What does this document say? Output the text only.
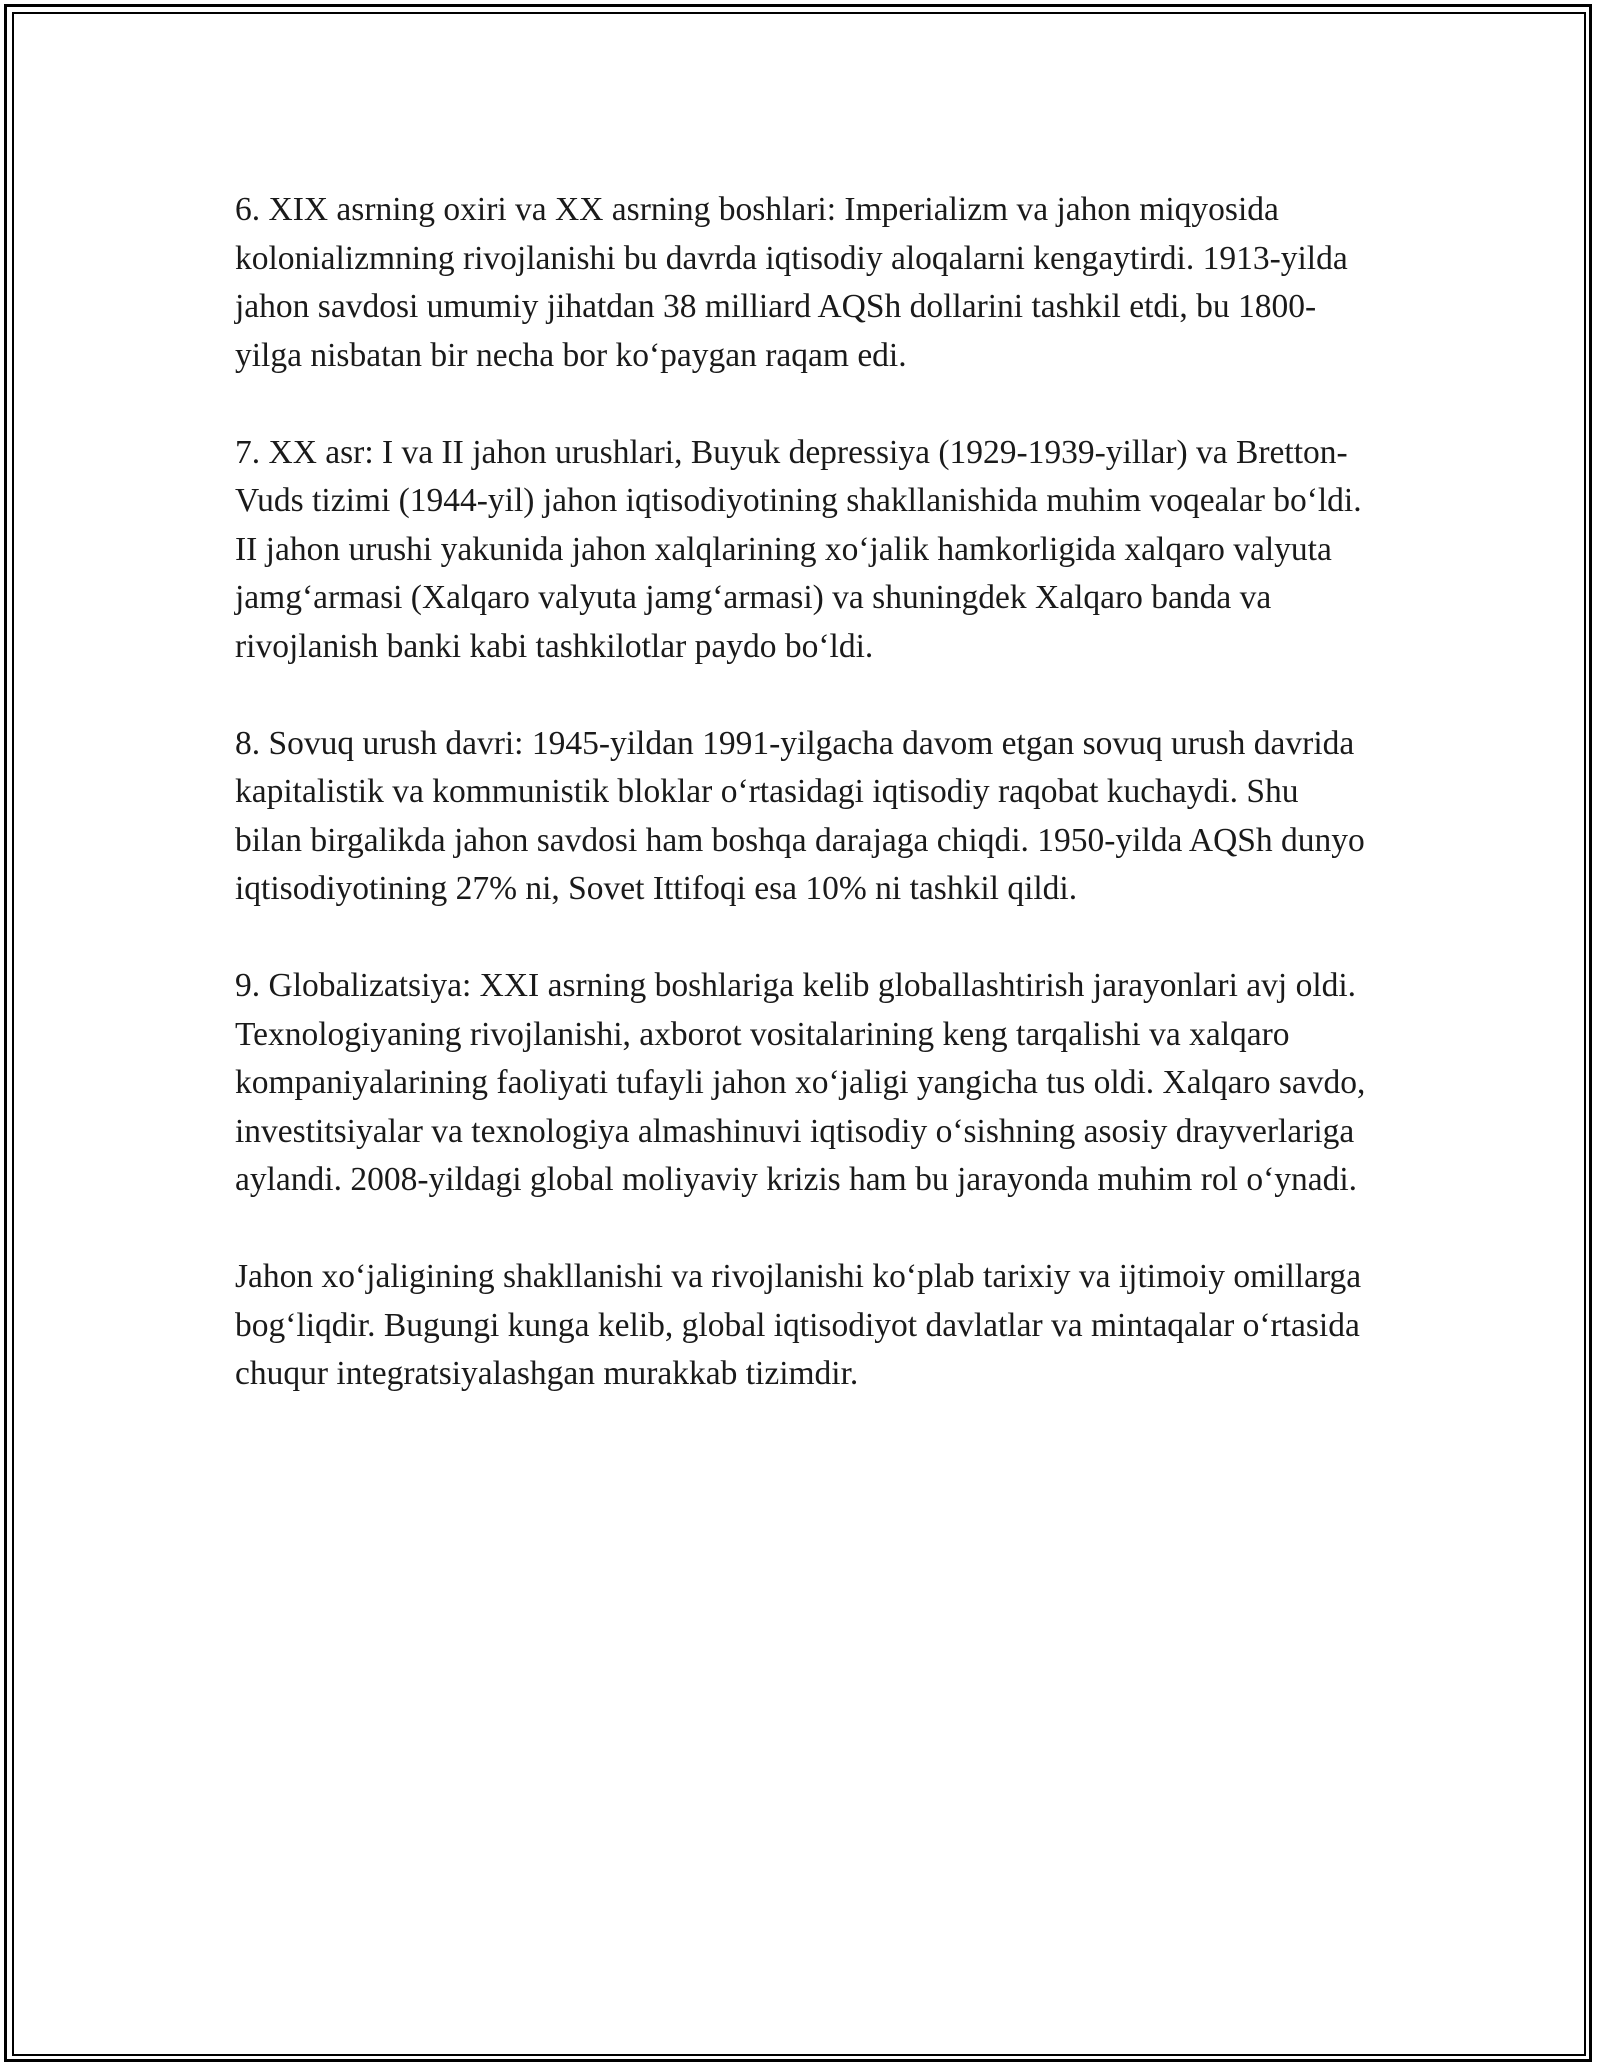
6. XIX asrning oxiri va XX asrning boshlari: Imperializm va jahon miqyosida kolonializmning rivojlanishi bu davrda iqtisodiy aloqalarni kengaytirdi. 1913-yilda jahon savdosi umumiy jihatdan 38 milliard AQSh dollarini tashkil etdi, bu 1800-yilga nisbatan bir necha bor ko‘paygan raqam edi.

7. XX asr: I va II jahon urushlari, Buyuk depressiya (1929-1939-yillar) va Bretton-Vuds tizimi (1944-yil) jahon iqtisodiyotining shakllanishida muhim voqealar bo‘ldi. II jahon urushi yakunida jahon xalqlarining xo‘jalik hamkorligida xalqaro valyuta jamg‘armasi (Xalqaro valyuta jamg‘armasi) va shuningdek Xalqaro banda va rivojlanish banki kabi tashkilotlar paydo bo‘ldi.

8. Sovuq urush davri: 1945-yildan 1991-yilgacha davom etgan sovuq urush davrida kapitalistik va kommunistik bloklar o‘rtasidagi iqtisodiy raqobat kuchaydi. Shu bilan birgalikda jahon savdosi ham boshqa darajaga chiqdi. 1950-yilda AQSh dunyo iqtisodiyotining 27% ni, Sovet Ittifoqi esa 10% ni tashkil qildi.

9. Globalizatsiya: XXI asrning boshlariga kelib globallashtirish jarayonlari avj oldi. Texnologiyaning rivojlanishi, axborot vositalarining keng tarqalishi va xalqaro kompaniyalarining faoliyati tufayli jahon xo‘jaligi yangicha tus oldi. Xalqaro savdo, investitsiyalar va texnologiya almashinuvi iqtisodiy o‘sishning asosiy drayverlariga aylandi. 2008-yildagi global moliyaviy krizis ham bu jarayonda muhim rol o‘ynadi.

Jahon xo‘jaligining shakllanishi va rivojlanishi ko‘plab tarixiy va ijtimoiy omillarga bog‘liqdir. Bugungi kunga kelib, global iqtisodiyot davlatlar va mintaqalar o‘rtasida chuqur integratsiyalashgan murakkab tizimdir.
